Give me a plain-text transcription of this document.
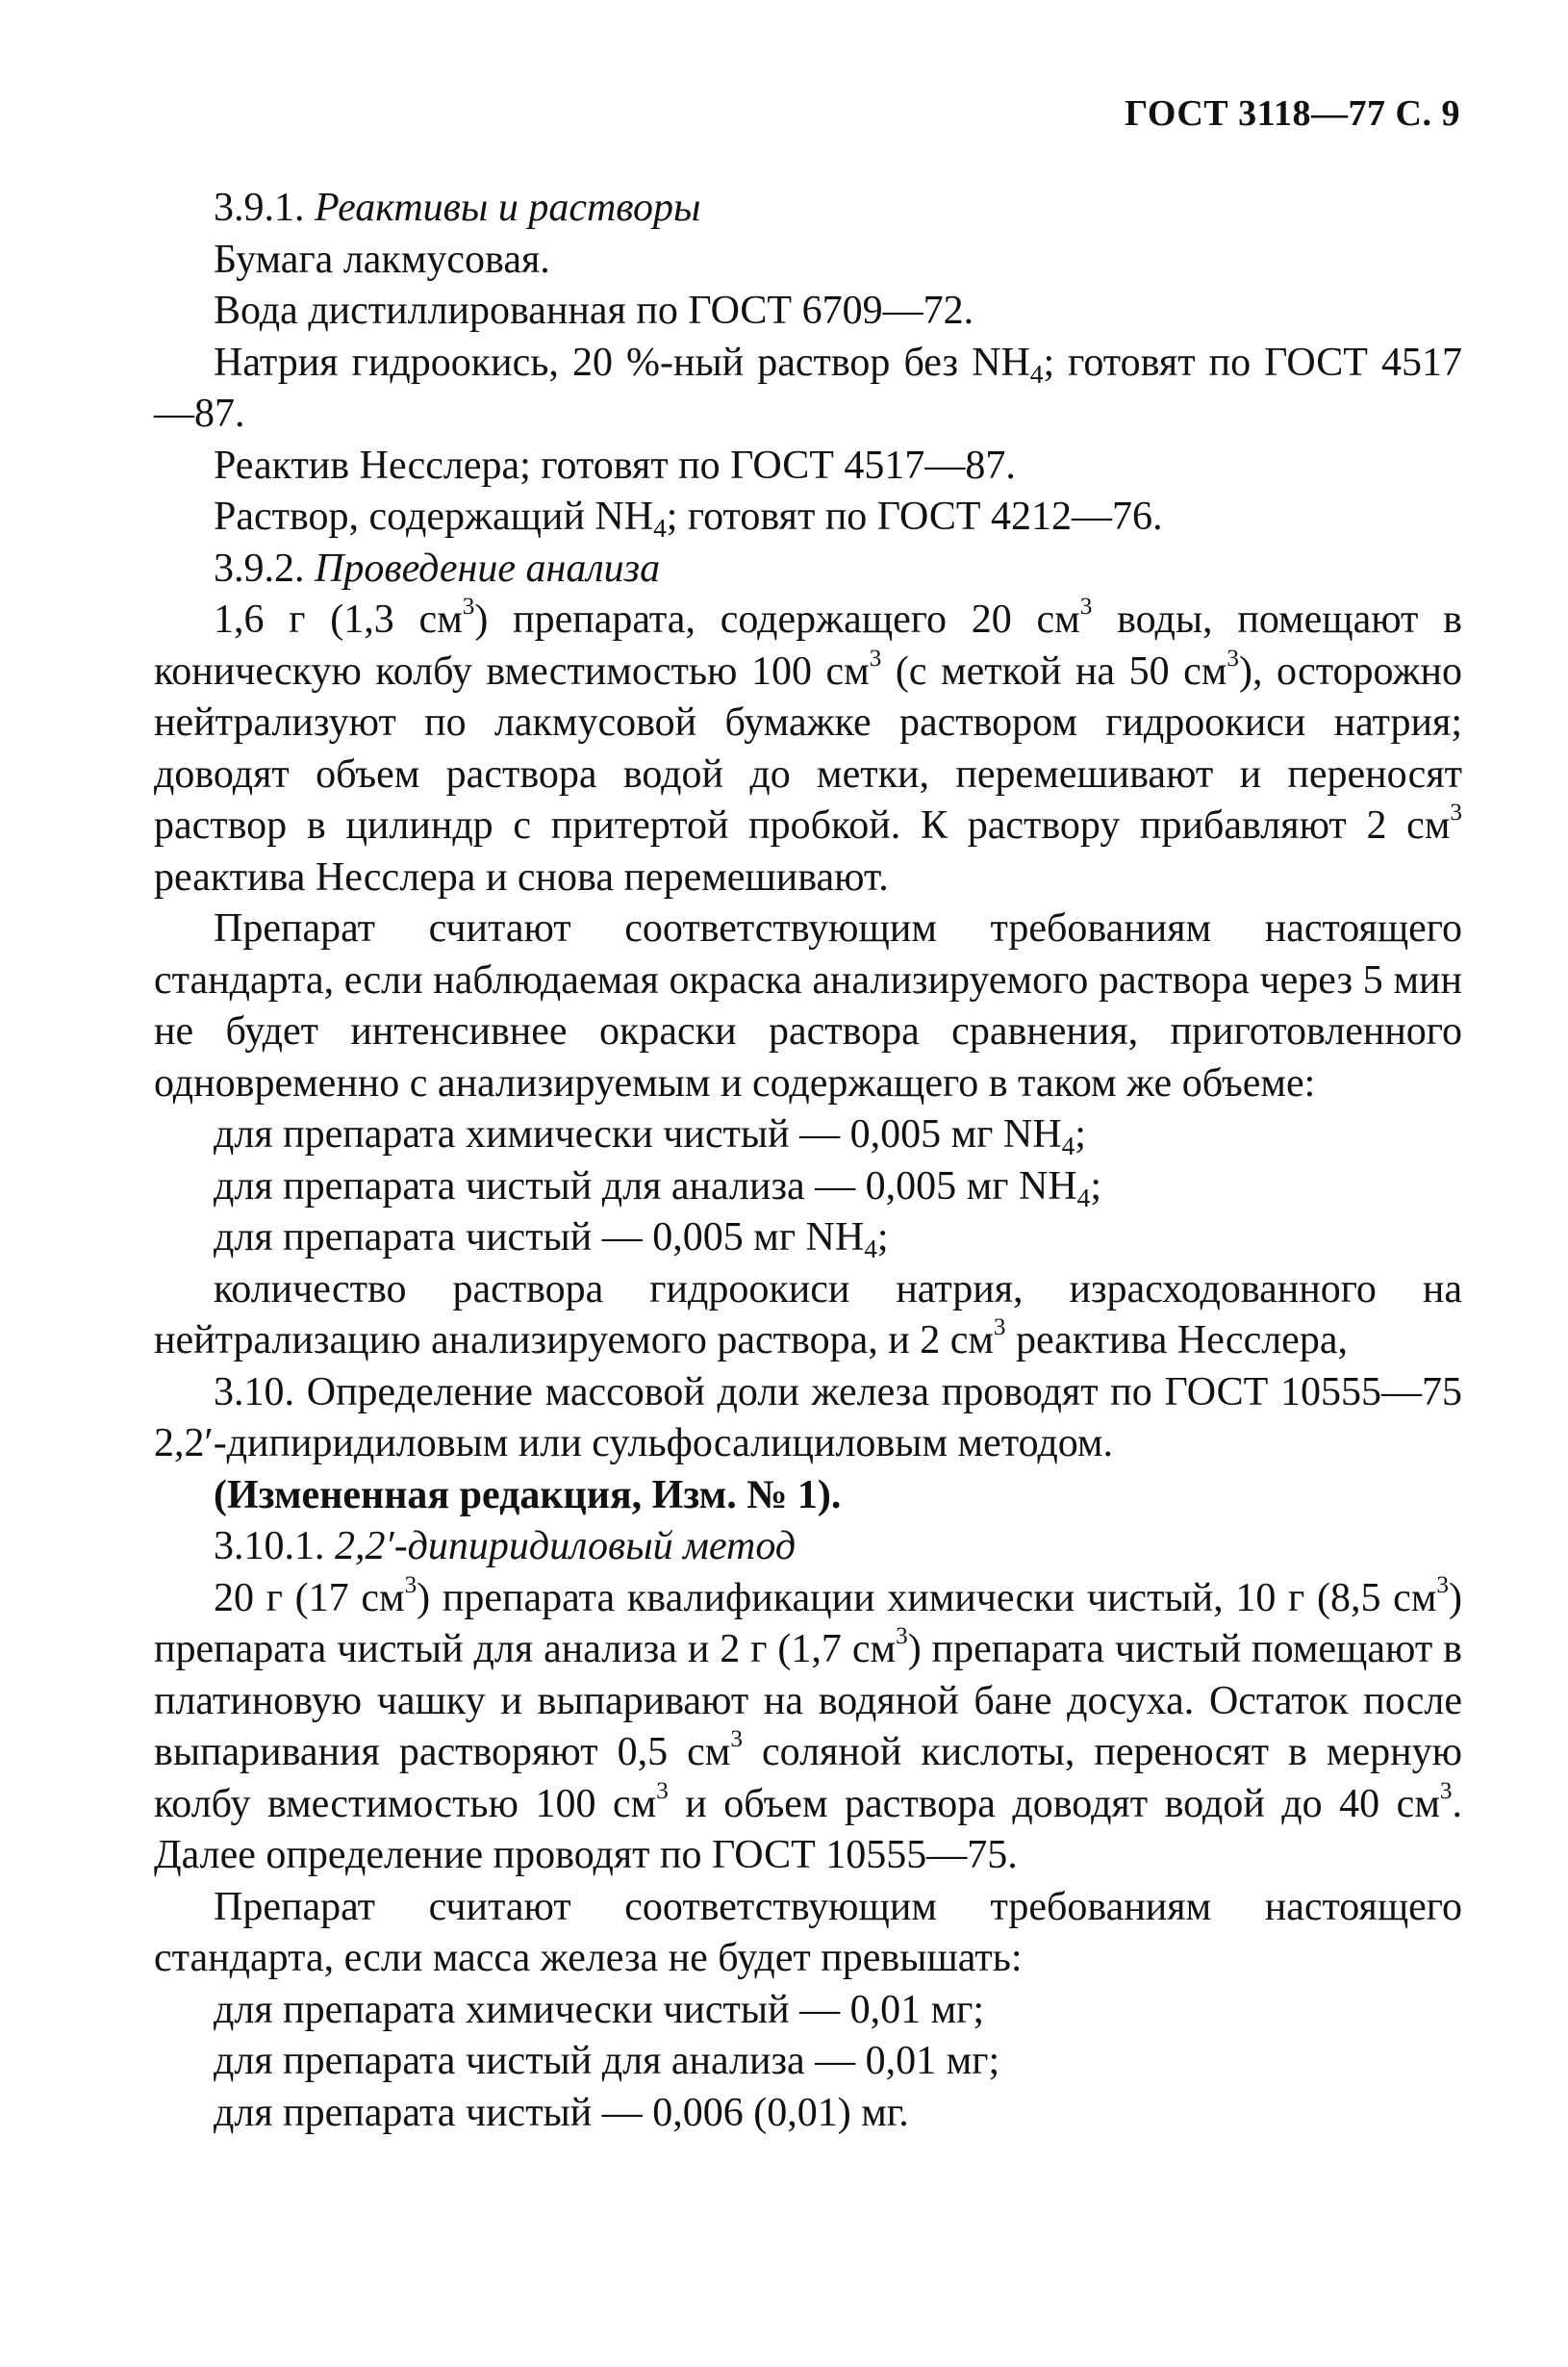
ГОСТ 3118—77 С. 9

3.9.1. Реактивы и растворы

Бумага лакмусовая.

Вода дистиллированная по ГОСТ 6709—72.

Натрия гидроокись, 20 %-ный раствор без $NH_4$; готовят по ГОСТ 4517—87.

Реактив Несслера; готовят по ГОСТ 4517—87.

Раствор, содержащий $NH_4$; готовят по ГОСТ 4212—76.

3.9.2. Проведение анализа

1,6 г (1,3 $см^3$) препарата, содержащего 20 $см^3$ воды, помещают в коническую колбу вместимостью 100 $см^3$ (с меткой на 50 $см^3$), осторожно нейтрализуют по лакмусовой бумажке раствором гидроокиси натрия; доводят объем раствора водой до метки, перемешивают и переносят раствор в цилиндр с притертой пробкой. К раствору прибавляют 2 $см^3$ реактива Несслера и снова перемешивают.

Препарат считают соответствующим требованиям настоящего стандарта, если наблюдаемая окраска анализируемого раствора через 5 мин не будет интенсивнее окраски раствора сравнения, приготовленного одновременно с анализируемым и содержащего в таком же объеме:

для препарата химически чистый — 0,005 мг $NH_4$;

для препарата чистый для анализа — 0,005 мг $NH_4$;

для препарата чистый — 0,005 мг $NH_4$;

количество раствора гидроокиси натрия, израсходованного на нейтрализацию анализируемого раствора, и 2 $см^3$ реактива Несслера,

3.10. Определение массовой доли железа проводят по ГОСТ 10555—75 2,2′-дипиридиловым или сульфосалициловым методом.

(Измененная редакция, Изм. № 1).

3.10.1. 2,2′-дипиридиловый метод

20 г (17 $см^3$) препарата квалификации химически чистый, 10 г (8,5 $см^3$) препарата чистый для анализа и 2 г (1,7 $см^3$) препарата чистый помещают в платиновую чашку и выпаривают на водяной бане досуха. Остаток после выпаривания растворяют 0,5 $см^3$ соляной кислоты, переносят в мерную колбу вместимостью 100 $см^3$ и объем раствора доводят водой до 40 $см^3$. Далее определение проводят по ГОСТ 10555—75.

Препарат считают соответствующим требованиям настоящего стандарта, если масса железа не будет превышать:

для препарата химически чистый — 0,01 мг;

для препарата чистый для анализа — 0,01 мг;

для препарата чистый — 0,006 (0,01) мг.
